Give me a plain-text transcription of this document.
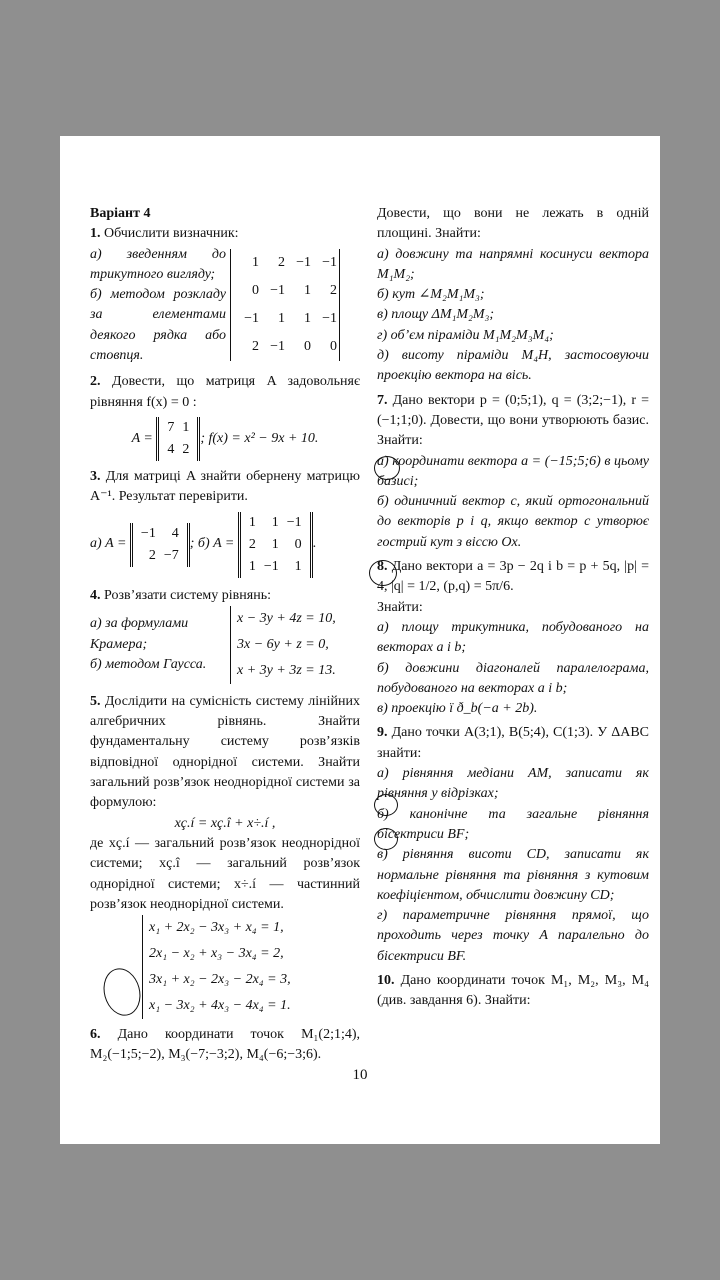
Варіант 4

1. Обчислити визначник:

а) зведенням до трикутного вигляду;
б) методом розкладу за елементами деякого рядка або стовпця.
1	2 −1 −1
0 −1	1	2
−1	1	1 −1
2 −1	0	0

2. Довести, що матриця A задовольняє рівняння f(x) = 0 :

A =

7 1
4 2
; f(x) = x² − 9x + 10.

3. Для матриці A знайти обернену матрицю A⁻¹. Результат перевірити.

а) A =

−1	4
2 −7
; б) A =

1	1 −1
2	1	0
1 −1	1
.

4. Розв’язати систему рівнянь:

а) за формулами Крамера;
б) методом Гаусса.
x − 3y + 4z = 10,
3x − 6y + z = 0,
x + 3y + 3z = 13.

5. Дослідити на сумісність систему лінійних алгебричних рівнянь. Знайти фундаментальну систему розв’язків відповідної однорідної системи. Знайти загальний розв’язок неоднорідної системи за формулою:

xç.í = xç.î + x÷.í ,

де xç.í — загальний розв’язок неоднорідної системи; xç.î — загальний розв’язок однорідної системи; x÷.í — частинний розв’язок неоднорідної системи.

x₁ + 2x₂ − 3x₃ + x₄ = 1,
2x₁ − x₂ + x₃ − 3x₄ = 2,
3x₁ + x₂ − 2x₃ − 2x₄ = 3,
x₁ − 3x₂ + 4x₃ − 4x₄ = 1.

6. Дано координати точок M₁(2;1;4), M₂(−1;5;−2), M₃(−7;−3;2), M₄(−6;−3;6).

Довести, що вони не лежать в одній площині. Знайти:

а) довжину та напрямні косинуси вектора M₁M₂;
б) кут ∠M₂M₁M₃;
в) площу ΔM₁M₂M₃;
г) об’єм піраміди M₁M₂M₃M₄;
д) висоту піраміди M₄H, застосовуючи проекцію вектора на вісь.

7. Дано вектори p = (0;5;1), q = (3;2;−1), r = (−1;1;0). Довести, що вони утворюють базис. Знайти:

а) координати вектора a = (−15;5;6) в цьому базисі;
б) одиничний вектор c, який ортогональний до векторів p і q, якщо вектор c утворює гострий кут з віссю Ox.

8. Дано вектори a = 3p − 2q і b = p + 5q, |p| = 4, |q| = 1/2, (p,q) = 5π/6.

Знайти:

а) площу трикутника, побудованого на векторах a і b;
б) довжини діагоналей паралелограма, побудованого на векторах a і b;
в) проекцію ï ð_b(−a + 2b).

9. Дано точки A(3;1), B(5;4), C(1;3). У ΔABC знайти:

а) рівняння медіани AM, записати як рівняння у відрізках;
б) канонічне та загальне рівняння бісектриси BF;
в) рівняння висоти CD, записати як нормальне рівняння та рівняння з кутовим коефіцієнтом, обчислити довжину CD;
г) параметричне рівняння прямої, що проходить через точку A паралельно до бісектриси BF.

10. Дано координати точок M₁, M₂, M₃, M₄ (див. завдання 6). Знайти:

10
